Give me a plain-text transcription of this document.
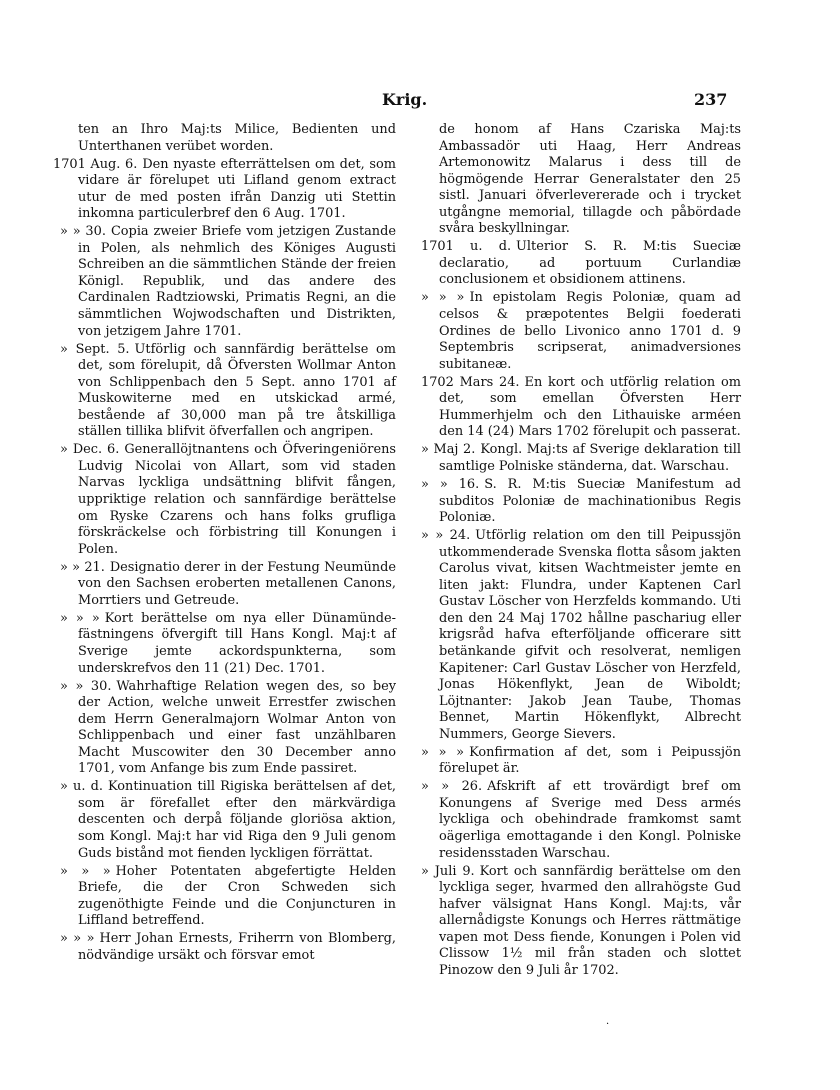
Krig.	237

ten an Ihro Maj:ts Milice, Bedienten und Unterthanen verübet worden.

1701 Aug. 6. Den nyaste efterrättelsen om det, som vidare är förelupet uti Lifland genom extract utur de med posten ifrån Danzig uti Stettin inkomna particulerbref den 6 Aug. 1701.

» » 30. Copia zweier Briefe vom jetzigen Zustande in Polen, als nehmlich des Königes Augusti Schreiben an die sämmtlichen Stände der freien Königl. Republik, und das andere des Cardinalen Radtziowski, Primatis Regni, an die sämmtlichen Wojwodschaften und Distrikten, von jetzigem Jahre 1701.

» Sept. 5. Utförlig och sannfärdig berättelse om det, som förelupit, då Öfversten Wollmar Anton von Schlippenbach den 5 Sept. anno 1701 af Muskowiterne med en utskickad armé, bestående af 30,000 man på tre åtskilliga ställen tillika blifvit öfverfallen och angripen.

» Dec. 6. Generallöjtnantens och Öfveringeniörens Ludvig Nicolai von Allart, som vid staden Narvas lyckliga undsättning blifvit fången, uppriktige relation och sannfärdige berättelse om Ryske Czarens och hans folks grufliga förskräckelse och förbistring till Konungen i Polen.

» » 21. Designatio derer in der Festung Neumünde von den Sachsen eroberten metallenen Canons, Morrtiers und Getreude.

» » » Kort berättelse om nya eller Dünamünde-fästningens öfvergift till Hans Kongl. Maj:t af Sverige jemte ackordspunkterna, som underskrefvos den 11 (21) Dec. 1701.

» » 30. Wahrhaftige Relation wegen des, so bey der Action, welche unweit Errestfer zwischen dem Herrn Generalmajorn Wolmar Anton von Schlippenbach und einer fast unzählbaren Macht Muscowiter den 30 December anno 1701, vom Anfange bis zum Ende passiret.

» u. d. Kontinuation till Rigiska berättelsen af det, som är förefallet efter den märkvärdiga descenten och derpå följande gloriösa aktion, som Kongl. Maj:t har vid Riga den 9 Juli genom Guds bistånd mot fienden lyckligen förrättat.

» » » Hoher Potentaten abgefertigte Helden Briefe, die der Cron Schweden sich zugenöthigte Feinde und die Conjuncturen in Liffland betreffend.

» » » Herr Johan Ernests, Friherrn von Blomberg, nödvändige ursäkt och försvar emot

de honom af Hans Czariska Maj:ts Ambassadör uti Haag, Herr Andreas Artemonowitz Malarus i dess till de högmögende Herrar Generalstater den 25 sistl. Januari öfverlevererade och i trycket utgångne memorial, tillagde och påbördade svåra beskyllningar.

1701 u. d. Ulterior S. R. M:tis Sueciæ declaratio, ad portuum Curlandiæ conclusionem et obsidionem attinens.

» » » In epistolam Regis Poloniæ, quam ad celsos & præpotentes Belgii foederati Ordines de bello Livonico anno 1701 d. 9 Septembris scripserat, animadversiones subitaneæ.

1702 Mars 24. En kort och utförlig relation om det, som emellan Öfversten Herr Hummerhjelm och den Lithauiske arméen den 14 (24) Mars 1702 förelupit och passerat.

» Maj 2. Kongl. Maj:ts af Sverige deklaration till samtlige Polniske ständerna, dat. Warschau.

» » 16. S. R. M:tis Sueciæ Manifestum ad subditos Poloniæ de machinationibus Regis Poloniæ.

» » 24. Utförlig relation om den till Peipussjön utkommenderade Svenska flotta såsom jakten Carolus vivat, kitsen Wachtmeister jemte en liten jakt: Flundra, under Kaptenen Carl Gustav Löscher von Herzfelds kommando. Uti den den 24 Maj 1702 hållne paschariug eller krigsråd hafva efterföljande officerare sitt betänkande gifvit och resolverat, nemligen Kapitener: Carl Gustav Löscher von Herzfeld, Jonas Hökenflykt, Jean de Wiboldt; Löjtnanter: Jakob Jean Taube, Thomas Bennet, Martin Hökenflykt, Albrecht Nummers, George Sievers.

» » » Konfirmation af det, som i Peipussjön förelupet är.

» » 26. Afskrift af ett trovärdigt bref om Konungens af Sverige med Dess armés lyckliga och obehindrade framkomst samt oägerliga emottagande i den Kongl. Polniske residensstaden Warschau.

» Juli 9. Kort och sannfärdig berättelse om den lyckliga seger, hvarmed den allrahögste Gud hafver välsignat Hans Kongl. Maj:ts, vår allernådigste Konungs och Herres rättmätige vapen mot Dess fiende, Konungen i Polen vid Clissow 1½ mil från staden och slottet Pinozow den 9 Juli år 1702.

·
